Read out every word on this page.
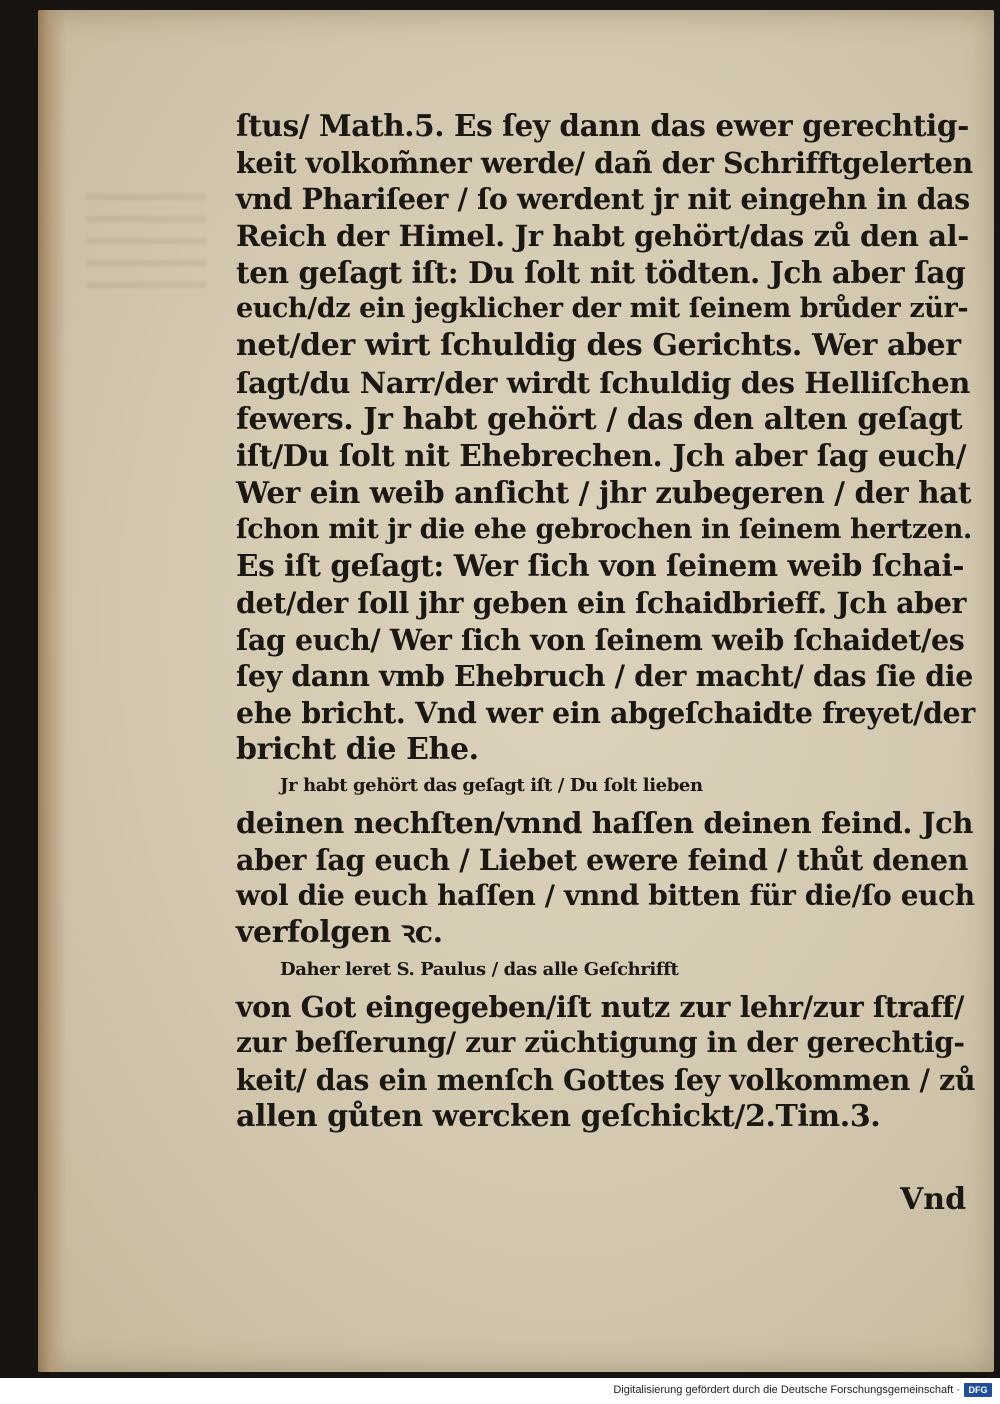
ſtus/ Math.5. Es ſey dann das ewer gerechtig-
keit volkom̃ner werde/ dañ der Schrifftgelerten
vnd Phariſeer / ſo werdent jr nit eingehn in das
Reich der Himel. Jr habt gehört/das zů den al-
ten geſagt iſt: Du ſolt nit tödten. Jch aber ſag
euch/dz ein jegklicher der mit ſeinem brůder zür-
net/der wirt ſchuldig des Gerichts. Wer aber
ſagt/du Narr/der wirdt ſchuldig des Helliſchen
fewers. Jr habt gehört / das den alten geſagt
iſt/Du ſolt nit Ehebrechen. Jch aber ſag euch/
Wer ein weib anſicht / jhr zubegeren / der hat
ſchon mit jr die ehe gebrochen in ſeinem hertzen.
Es iſt geſagt: Wer ſich von ſeinem weib ſchai-
det/der ſoll jhr geben ein ſchaidbrieff. Jch aber
ſag euch/ Wer ſich von ſeinem weib ſchaidet/es
ſey dann vmb Ehebruch / der macht/ das ſie die
ehe bricht. Vnd wer ein abgeſchaidte freyet/der
bricht die Ehe.
Jr habt gehört das geſagt iſt / Du ſolt lieben
deinen nechſten/vnnd haſſen deinen feind. Jch
aber ſag euch / Liebet ewere feind / thůt denen
wol die euch haſſen / vnnd bitten für die/ſo euch
verfolgen ꝛc.
Daher leret S. Paulus / das alle Geſchrifft
von Got eingegeben/iſt nutz zur lehr/zur ſtraff/
zur beſſerung/ zur züchtigung in der gerechtig-
keit/ das ein menſch Gottes ſey volkommen / zů
allen gůten wercken geſchickt/2.Tim.3.
Vnd
Digitalisierung gefördert durch die Deutsche Forschungsgemeinschaft · DFG
